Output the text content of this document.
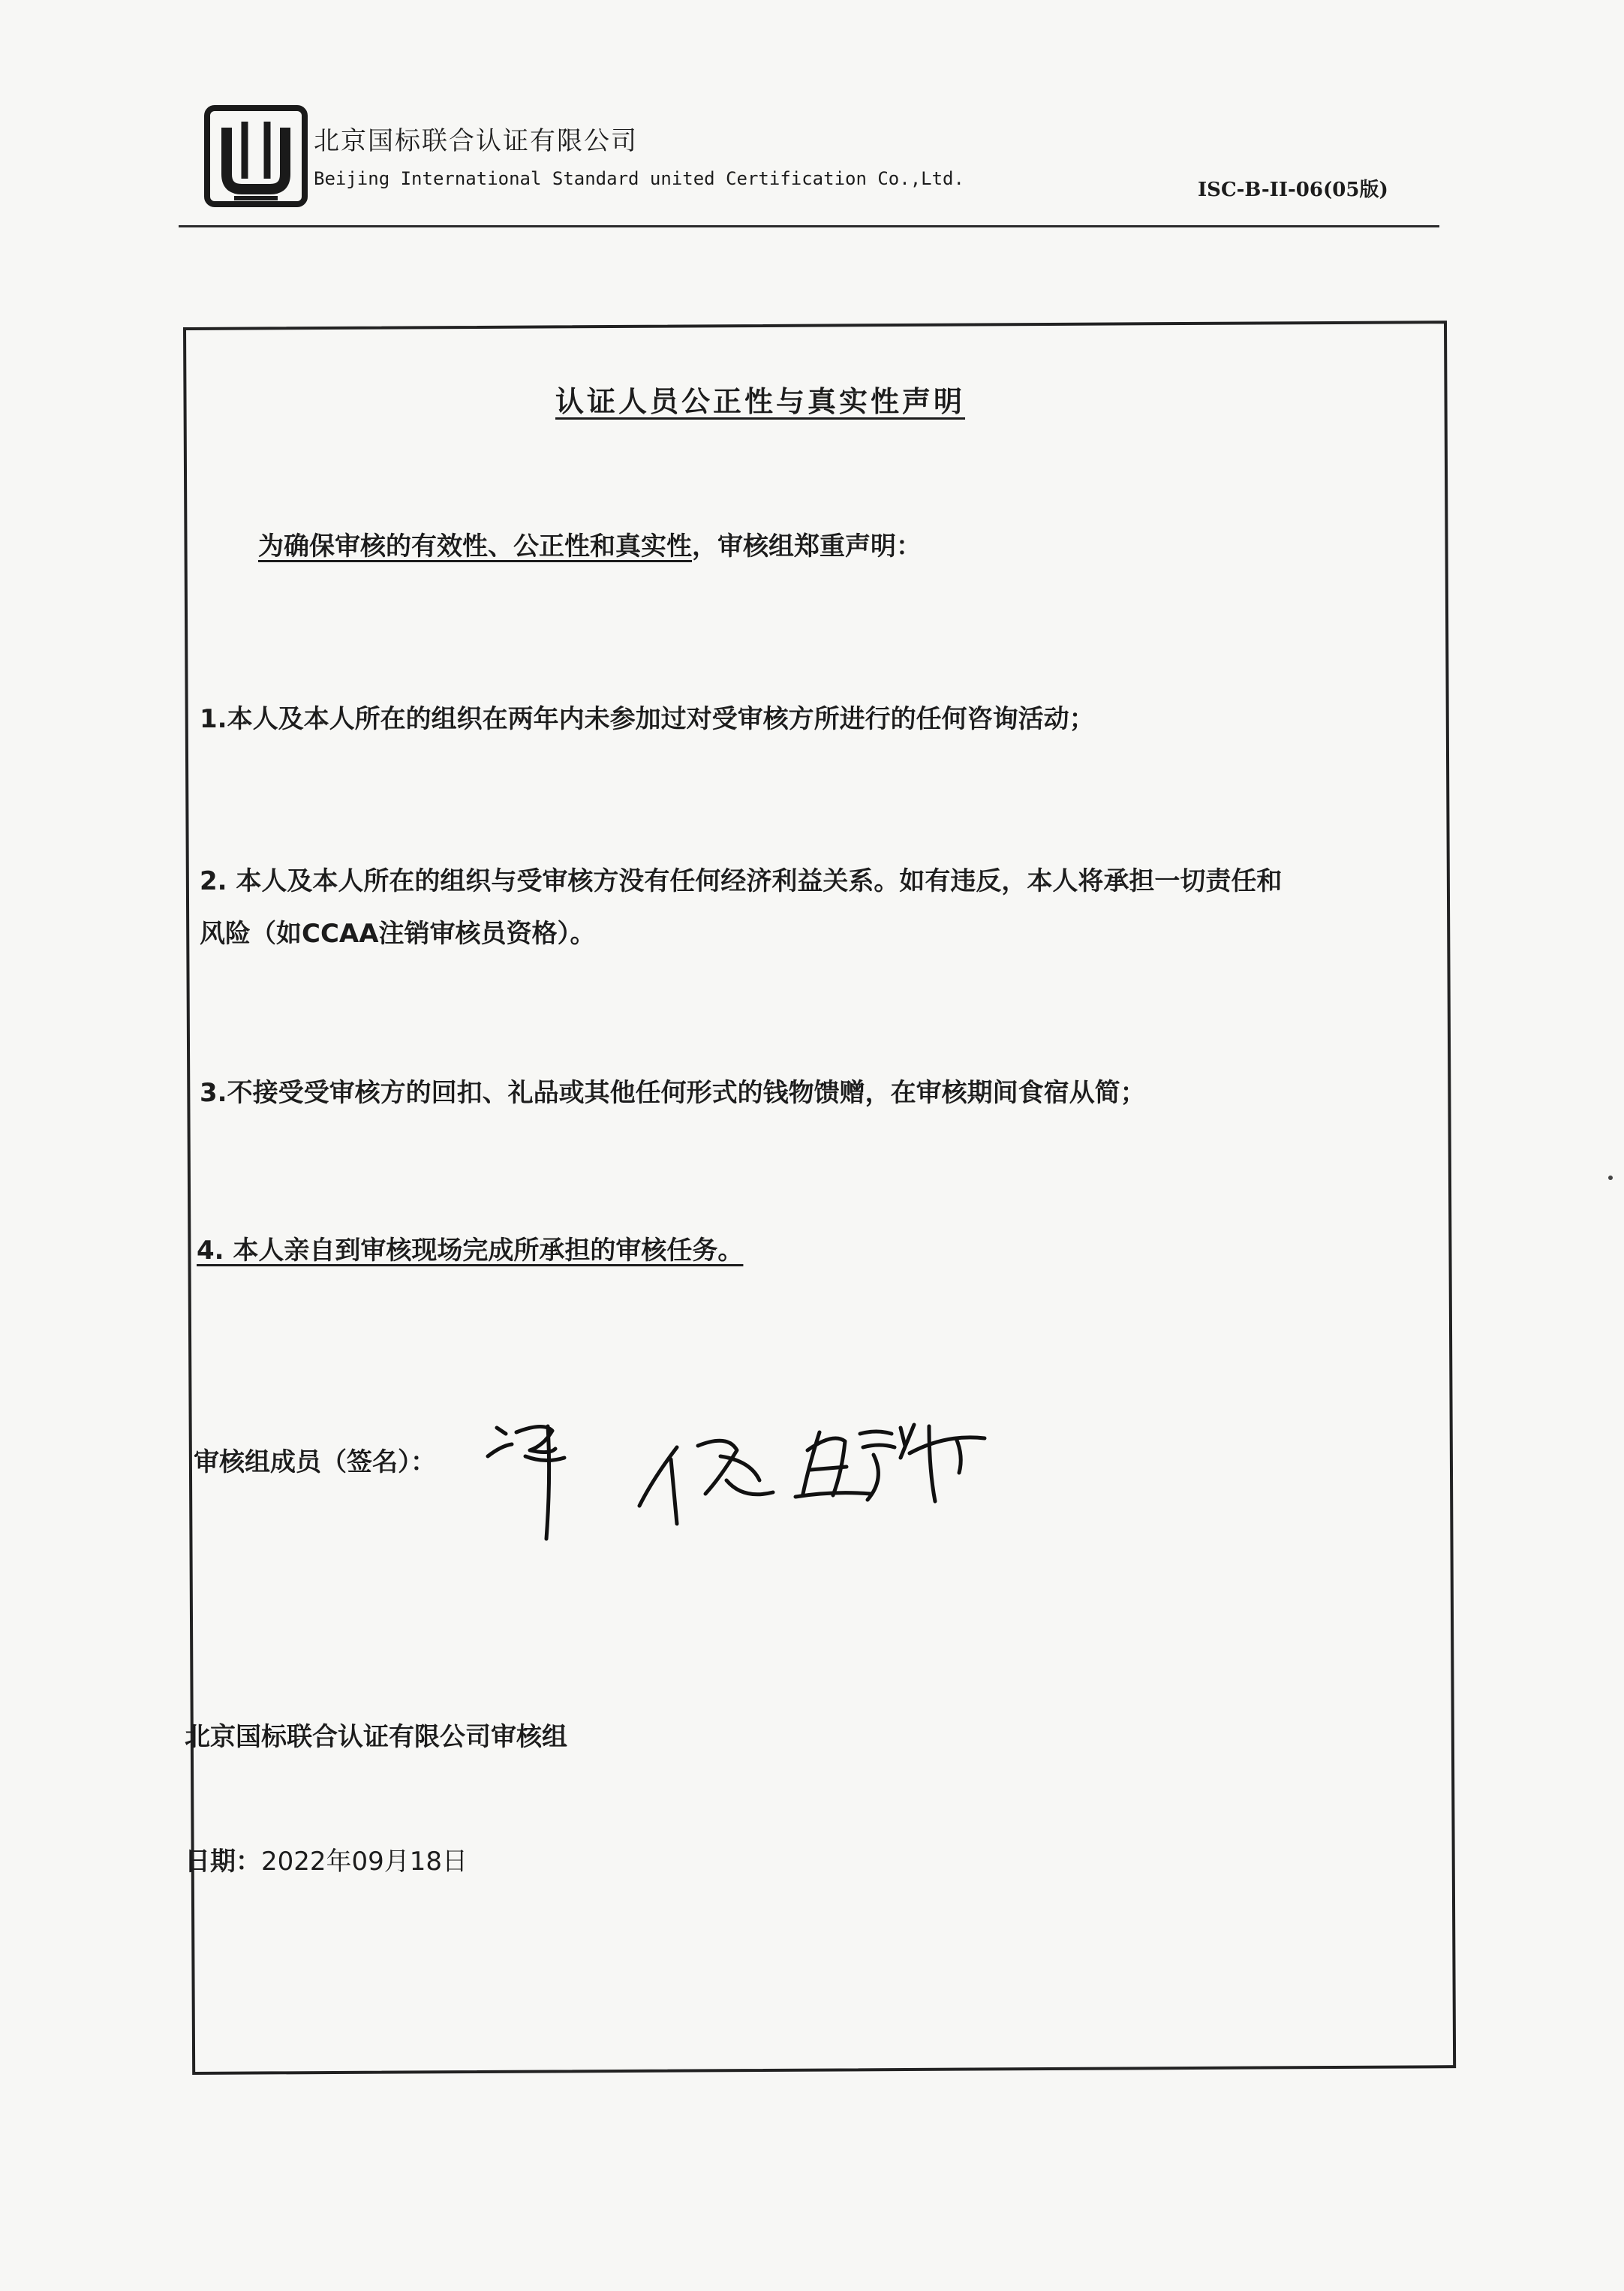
北京国标联合认证有限公司
Beijing International Standard united Certification Co.,Ltd.	ISC-B-II-06(05版)
认证人员公正性与真实性声明
为确保审核的有效性、公正性和真实性，审核组郑重声明：
1.本人及本人所在的组织在两年内未参加过对受审核方所进行的任何咨询活动；
2. 本人及本人所在的组织与受审核方没有任何经济利益关系。如有违反，本人将承担一切责任和
风险（如CCAA注销审核员资格）。
3.不接受受审核方的回扣、礼品或其他任何形式的钱物馈赠，在审核期间食宿从简；
4. 本人亲自到审核现场完成所承担的审核任务。
审核组成员（签名）：
北京国标联合认证有限公司审核组
日期：2022年09月18日
